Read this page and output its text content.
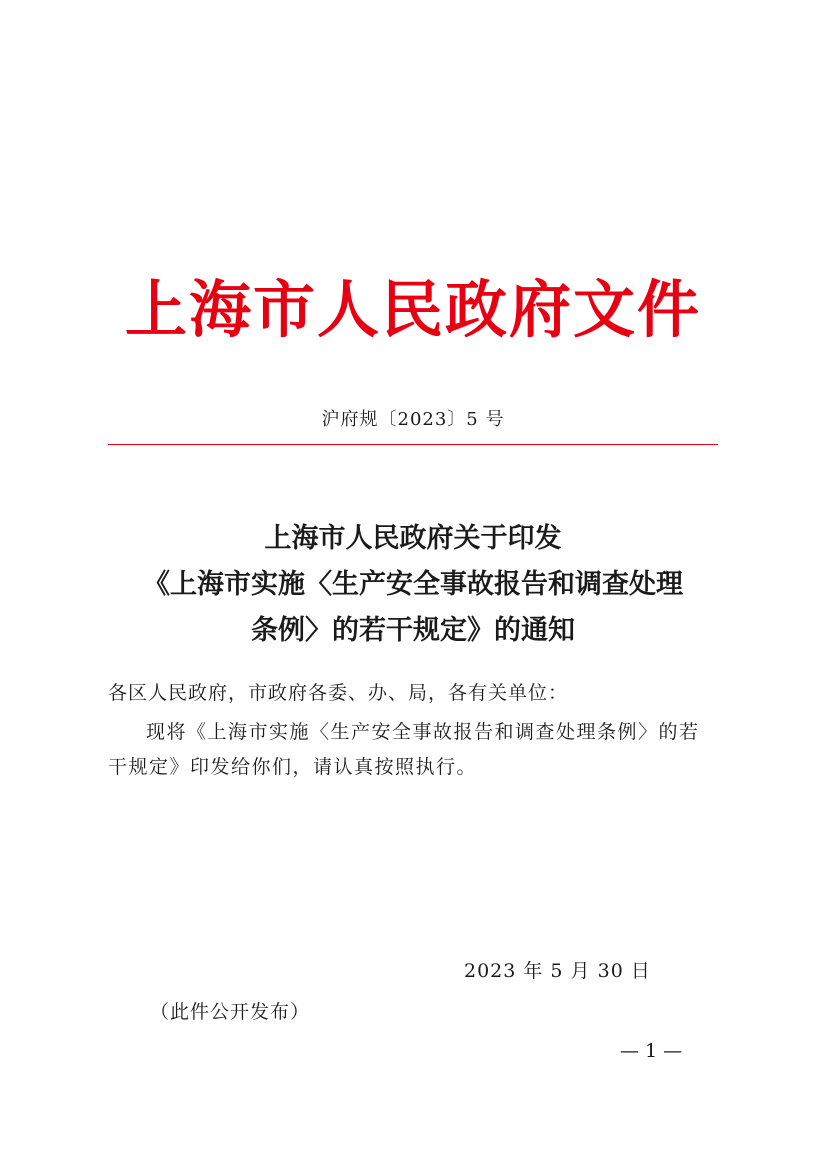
上海市人民政府文件
沪府规〔2023〕5 号
上海市人民政府关于印发
《上海市实施〈生产安全事故报告和调查处理
条例〉的若干规定》的通知
各区人民政府，市政府各委、办、局，各有关单位：
现将《上海市实施〈生产安全事故报告和调查处理条例〉的若
干规定》印发给你们，请认真按照执行。
2023 年 5 月 30 日
（此件公开发布）
— 1 —
